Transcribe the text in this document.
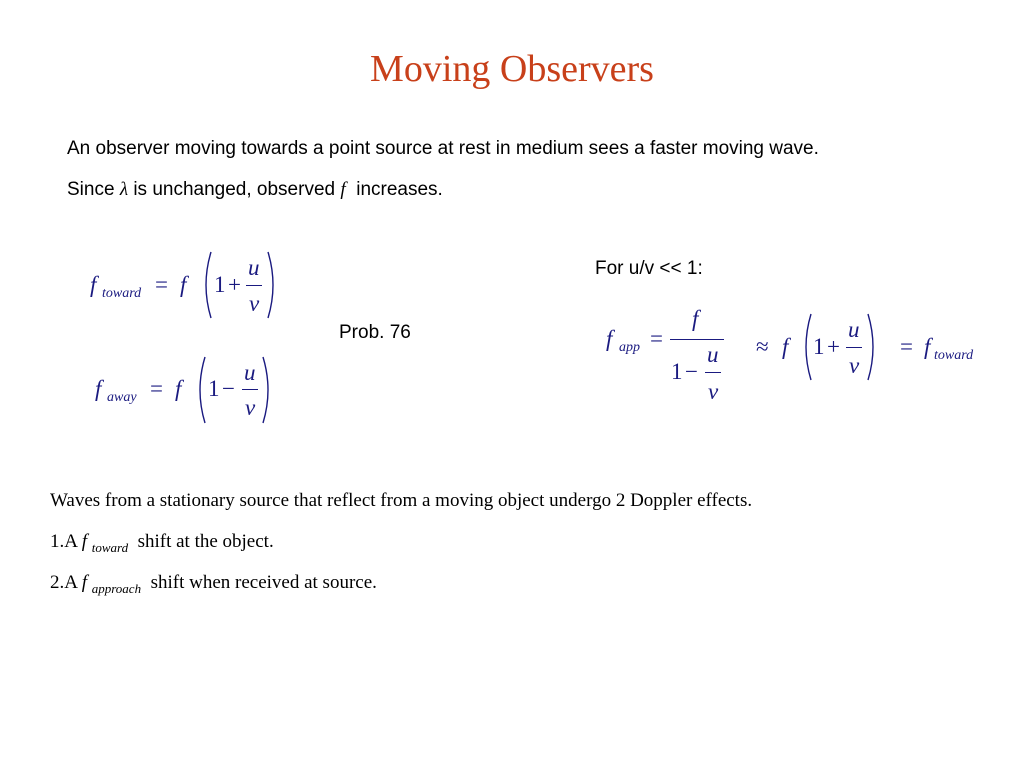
Moving Observers
An observer moving towards a point source at rest in medium sees a faster moving wave.
Since λ is unchanged, observed f increases.
f toward = f 1 +
u
v
f away = f 1 −
u
v
For u/v << 1:
Prob. 76	f app =
f
1 −
u
v
≈ f 1 +
u
v
= f toward
Waves from a stationary source that reflect from a moving object undergo 2 Doppler effects.
1.A f $_{toward}$ shift at the object.
2.A f $_{approach}$ shift when received at source.
